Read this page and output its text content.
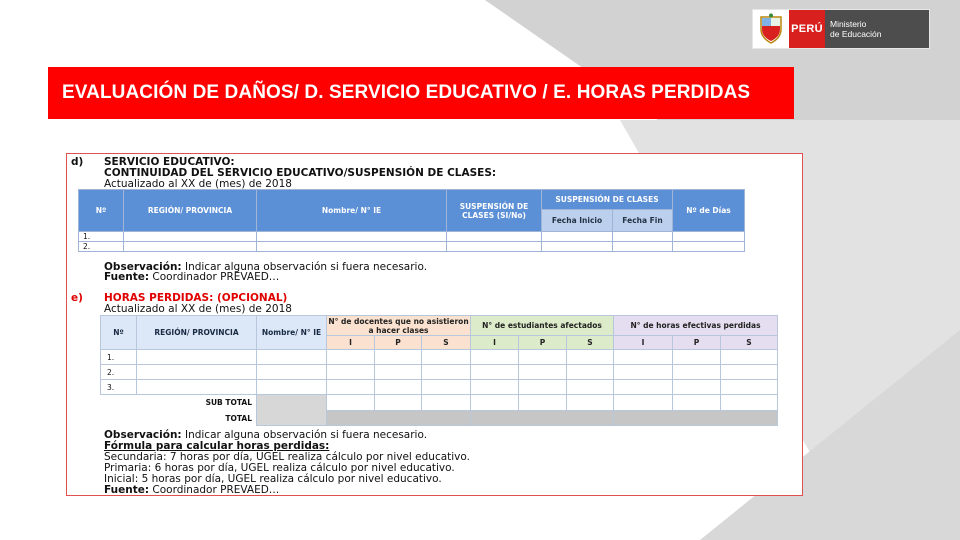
PERÚ Ministerio
de Educación
EVALUACIÓN DE DAÑOS/ D. SERVICIO EDUCATIVO / E. HORAS PERDIDAS
d) SERVICIO EDUCATIVO:
CONTINUIDAD DEL SERVICIO EDUCATIVO/SUSPENSIÓN DE CLASES:
Actualizado al XX de (mes) de 2018
Nº	REGIÓN/ PROVINCIA	Nombre/ N° IE	SUSPENSIÓN DE CLASES (SI/No)	SUSPENSIÓN DE CLASES		Nº de Días
				Fecha Inicio	Fecha Fin	
1.						
2.						
Observación: Indicar alguna observación si fuera necesario.
Fuente: Coordinador PREVAED…
e) HORAS PERDIDAS: (OPCIONAL)
Actualizado al XX de (mes) de 2018
Nº	REGIÓN/ PROVINCIA	Nombre/ N° IE	N° de docentes que no asistieron a hacer clases			N° de estudiantes afectados			N° de horas efectivas perdidas		
			I	P	S	I	P	S	I	P	S
1.											
2.											
3.											
SUB TOTAL											
TOTAL											
Observación: Indicar alguna observación si fuera necesario.
Fórmula para calcular horas perdidas:
Secundaria: 7 horas por día, UGEL realiza cálculo por nivel educativo.
Primaria: 6 horas por día, UGEL realiza cálculo por nivel educativo.
Inicial: 5 horas por día, UGEL realiza cálculo por nivel educativo.
Fuente: Coordinador PREVAED…
